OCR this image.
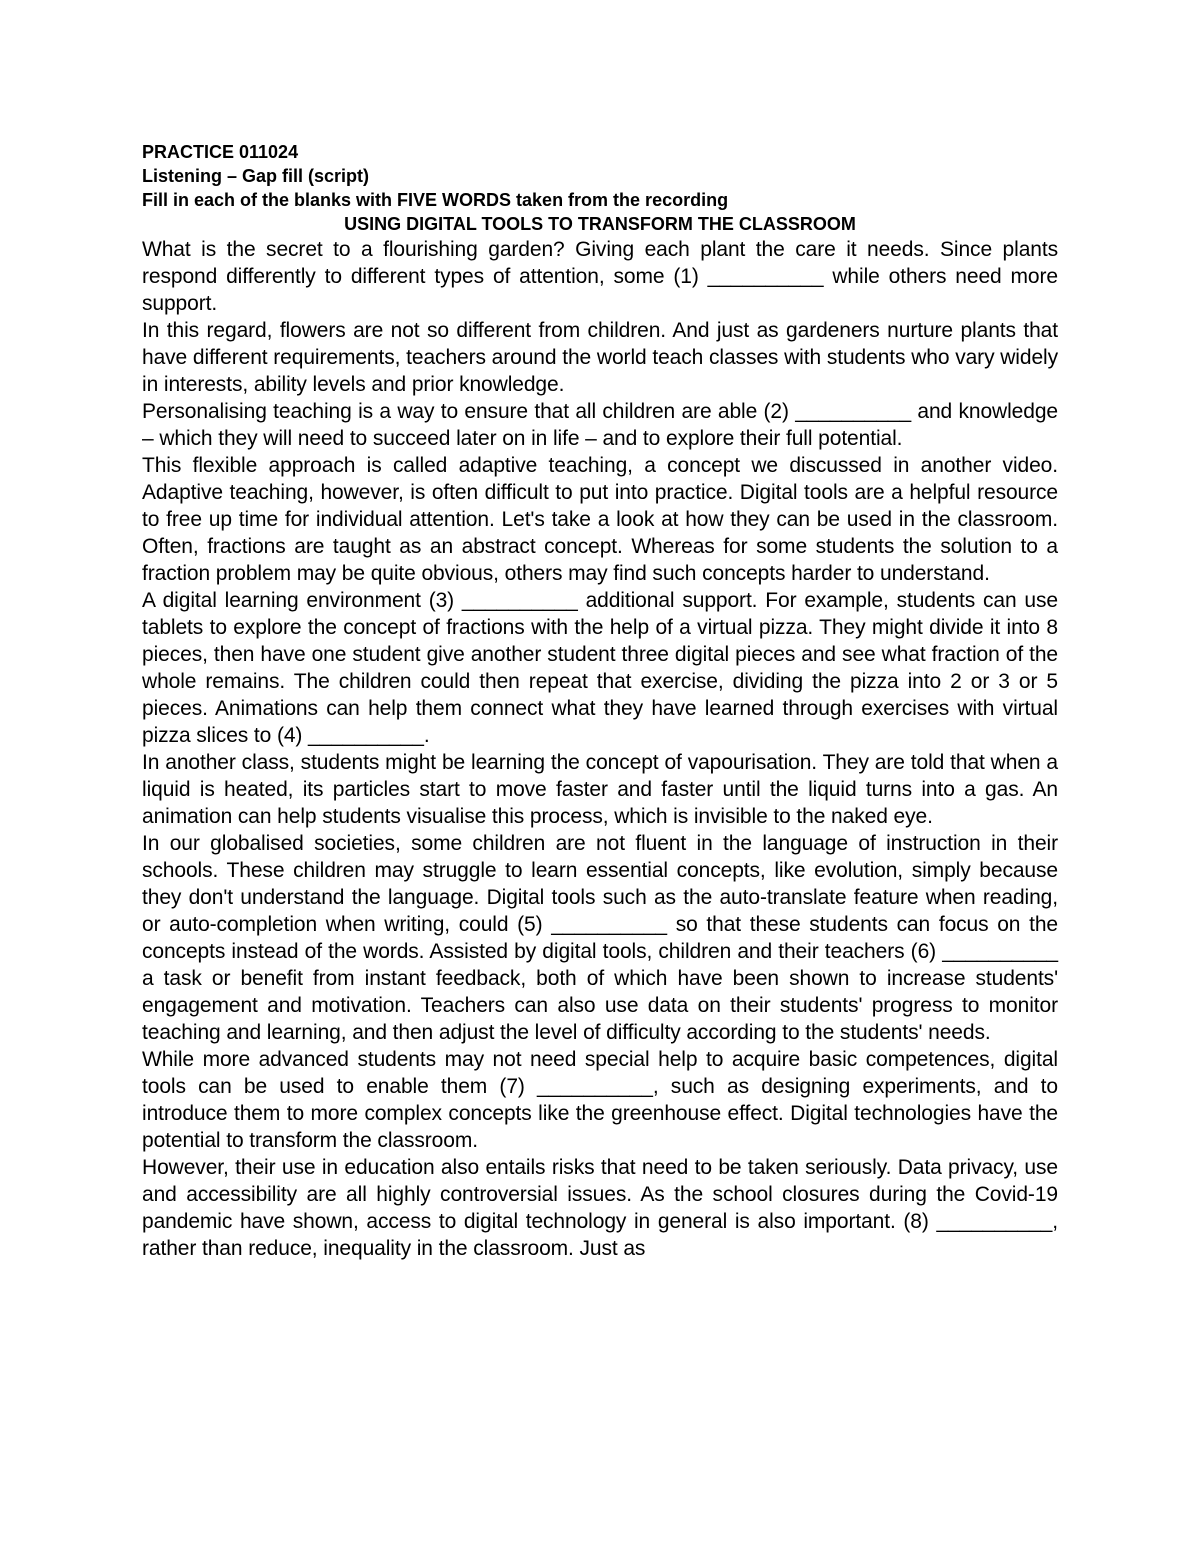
PRACTICE 011024

Listening – Gap fill (script)

Fill in each of the blanks with FIVE WORDS taken from the recording

USING DIGITAL TOOLS TO TRANSFORM THE CLASSROOM

What is the secret to a flourishing garden? Giving each plant the care it needs. Since plants respond differently to different types of attention, some (1) __________ while others need more support.

In this regard, flowers are not so different from children. And just as gardeners nurture plants that have different requirements, teachers around the world teach classes with students who vary widely in interests, ability levels and prior knowledge.

Personalising teaching is a way to ensure that all children are able (2) __________ and knowledge – which they will need to succeed later on in life – and to explore their full potential.

This flexible approach is called adaptive teaching, a concept we discussed in another video. Adaptive teaching, however, is often difficult to put into practice. Digital tools are a helpful resource to free up time for individual attention. Let's take a look at how they can be used in the classroom. Often, fractions are taught as an abstract concept. Whereas for some students the solution to a fraction problem may be quite obvious, others may find such concepts harder to understand.

A digital learning environment (3) __________ additional support. For example, students can use tablets to explore the concept of fractions with the help of a virtual pizza. They might divide it into 8 pieces, then have one student give another student three digital pieces and see what fraction of the whole remains. The children could then repeat that exercise, dividing the pizza into 2 or 3 or 5 pieces. Animations can help them connect what they have learned through exercises with virtual pizza slices to (4) __________.

In another class, students might be learning the concept of vapourisation. They are told that when a liquid is heated, its particles start to move faster and faster until the liquid turns into a gas. An animation can help students visualise this process, which is invisible to the naked eye.

In our globalised societies, some children are not fluent in the language of instruction in their schools. These children may struggle to learn essential concepts, like evolution, simply because they don't understand the language. Digital tools such as the auto-translate feature when reading, or auto-completion when writing, could (5) __________ so that these students can focus on the concepts instead of the words. Assisted by digital tools, children and their teachers (6) __________ a task or benefit from instant feedback, both of which have been shown to increase students' engagement and motivation. Teachers can also use data on their students' progress to monitor teaching and learning, and then adjust the level of difficulty according to the students' needs.

While more advanced students may not need special help to acquire basic competences, digital tools can be used to enable them (7) __________, such as designing experiments, and to introduce them to more complex concepts like the greenhouse effect. Digital technologies have the potential to transform the classroom.

However, their use in education also entails risks that need to be taken seriously. Data privacy, use and accessibility are all highly controversial issues. As the school closures during the Covid-19 pandemic have shown, access to digital technology in general is also important. (8) __________, rather than reduce, inequality in the classroom. Just as
